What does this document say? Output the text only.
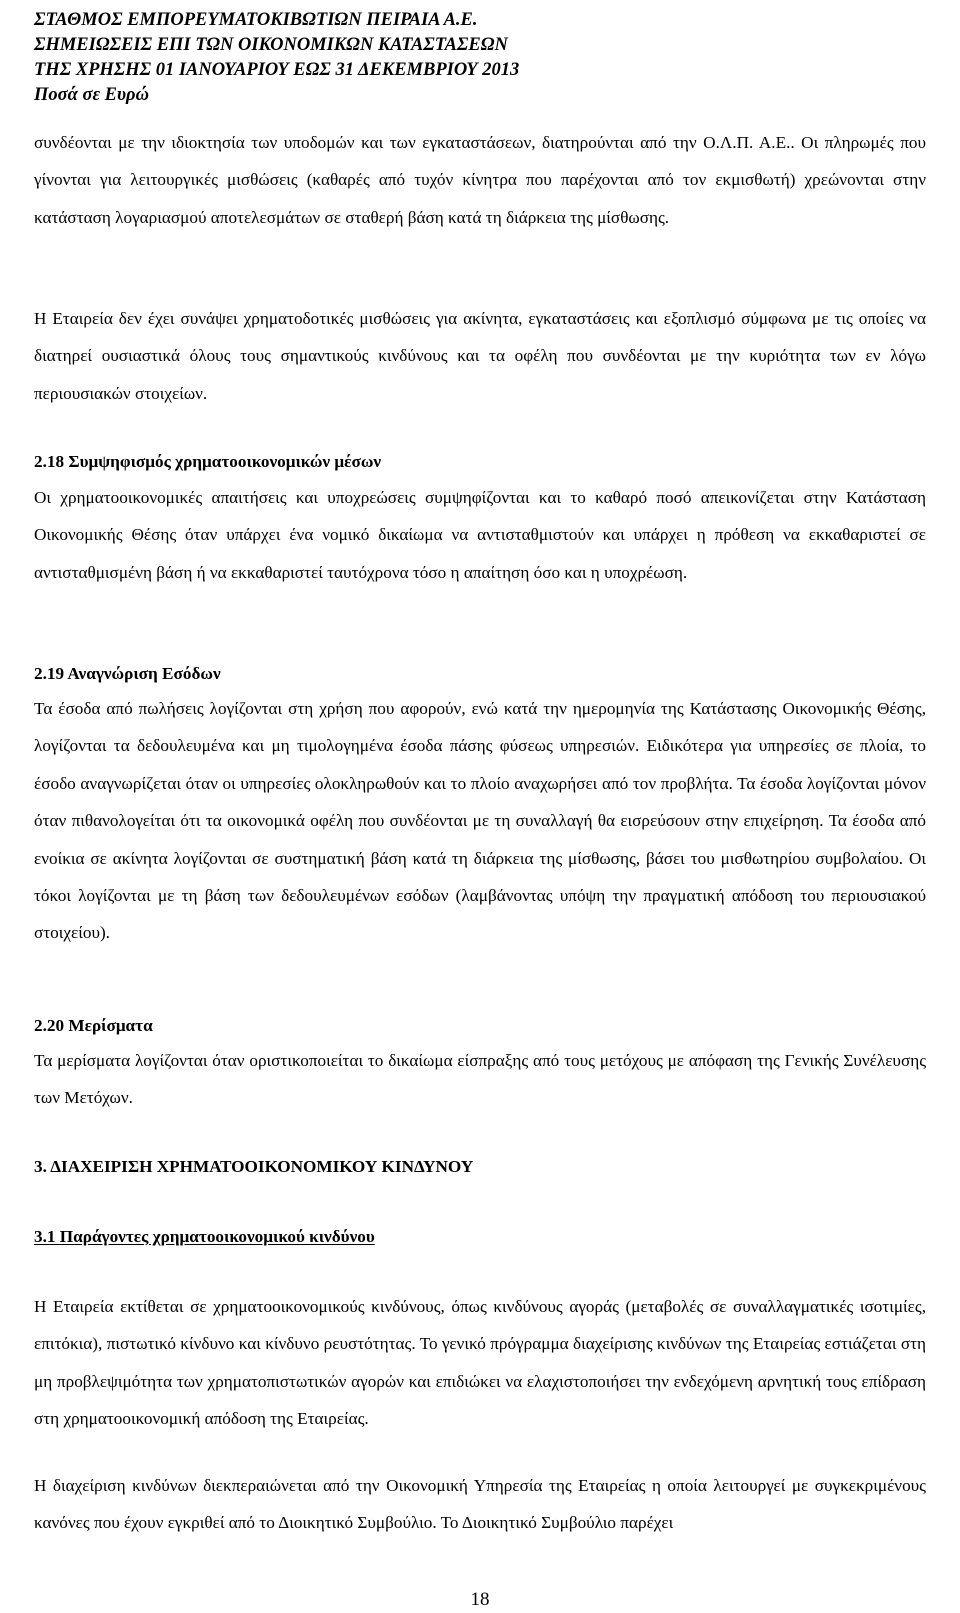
ΣΤΑΘΜΟΣ ΕΜΠΟΡΕΥΜΑΤΟΚΙΒΩΤΙΩΝ ΠΕΙΡΑΙΑ Α.Ε.
ΣΗΜΕΙΩΣΕΙΣ ΕΠΙ ΤΩΝ ΟΙΚΟΝΟΜΙΚΩΝ ΚΑΤΑΣΤΑΣΕΩΝ
ΤΗΣ ΧΡΗΣΗΣ 01 ΙΑΝΟΥΑΡΙΟΥ ΕΩΣ 31 ΔΕΚΕΜΒΡΙΟΥ 2013
Ποσά σε Ευρώ
συνδέονται με την ιδιοκτησία των υποδομών και των εγκαταστάσεων, διατηρούνται από την Ο.Λ.Π. Α.Ε.. Οι πληρωμές που γίνονται για λειτουργικές μισθώσεις (καθαρές από τυχόν κίνητρα που παρέχονται από τον εκμισθωτή) χρεώνονται στην κατάσταση λογαριασμού αποτελεσμάτων σε σταθερή βάση κατά τη διάρκεια της μίσθωσης.
Η Εταιρεία δεν έχει συνάψει χρηματοδοτικές μισθώσεις για ακίνητα, εγκαταστάσεις και εξοπλισμό σύμφωνα με τις οποίες να διατηρεί ουσιαστικά όλους τους σημαντικούς κινδύνους και τα οφέλη που συνδέονται με την κυριότητα των εν λόγω περιουσιακών στοιχείων.
2.18 Συμψηφισμός χρηματοοικονομικών μέσων
Οι χρηματοοικονομικές απαιτήσεις και υποχρεώσεις συμψηφίζονται και το καθαρό ποσό απεικονίζεται στην Κατάσταση Οικονομικής Θέσης όταν υπάρχει ένα νομικό δικαίωμα να αντισταθμιστούν και υπάρχει η πρόθεση να εκκαθαριστεί σε αντισταθμισμένη βάση ή να εκκαθαριστεί ταυτόχρονα τόσο η απαίτηση όσο και η υποχρέωση.
2.19 Αναγνώριση Εσόδων
Τα έσοδα από πωλήσεις λογίζονται στη χρήση που αφορούν, ενώ κατά την ημερομηνία της Κατάστασης Οικονομικής Θέσης, λογίζονται τα δεδουλευμένα και μη τιμολογημένα έσοδα πάσης φύσεως υπηρεσιών. Ειδικότερα για υπηρεσίες σε πλοία, το έσοδο αναγνωρίζεται όταν οι υπηρεσίες ολοκληρωθούν και το πλοίο αναχωρήσει από τον προβλήτα. Τα έσοδα λογίζονται μόνον όταν πιθανολογείται ότι τα οικονομικά οφέλη που συνδέονται με τη συναλλαγή θα εισρεύσουν στην επιχείρηση. Τα έσοδα από ενοίκια σε ακίνητα λογίζονται σε συστηματική βάση κατά τη διάρκεια της μίσθωσης, βάσει του μισθωτηρίου συμβολαίου. Οι τόκοι λογίζονται με τη βάση των δεδουλευμένων εσόδων (λαμβάνοντας υπόψη την πραγματική απόδοση του περιουσιακού στοιχείου).
2.20 Μερίσματα
Τα μερίσματα λογίζονται όταν οριστικοποιείται το δικαίωμα είσπραξης από τους μετόχους με απόφαση της Γενικής Συνέλευσης των Μετόχων.
3. ΔΙΑΧΕΙΡΙΣΗ ΧΡΗΜΑΤΟΟΙΚΟΝΟΜΙΚΟΥ ΚΙΝΔΥΝΟΥ
3.1 Παράγοντες χρηματοοικονομικού κινδύνου
Η Εταιρεία εκτίθεται σε χρηματοοικονομικούς κινδύνους, όπως κινδύνους αγοράς (μεταβολές σε συναλλαγματικές ισοτιμίες, επιτόκια), πιστωτικό κίνδυνο και κίνδυνο ρευστότητας. Το γενικό πρόγραμμα διαχείρισης κινδύνων της Εταιρείας εστιάζεται στη μη προβλεψιμότητα των χρηματοπιστωτικών αγορών και επιδιώκει να ελαχιστοποιήσει την ενδεχόμενη αρνητική τους επίδραση στη χρηματοοικονομική απόδοση της Εταιρείας.
Η διαχείριση κινδύνων διεκπεραιώνεται από την Οικονομική Υπηρεσία της Εταιρείας η οποία λειτουργεί με συγκεκριμένους κανόνες που έχουν εγκριθεί από το Διοικητικό Συμβούλιο. Το Διοικητικό Συμβούλιο παρέχει
18
